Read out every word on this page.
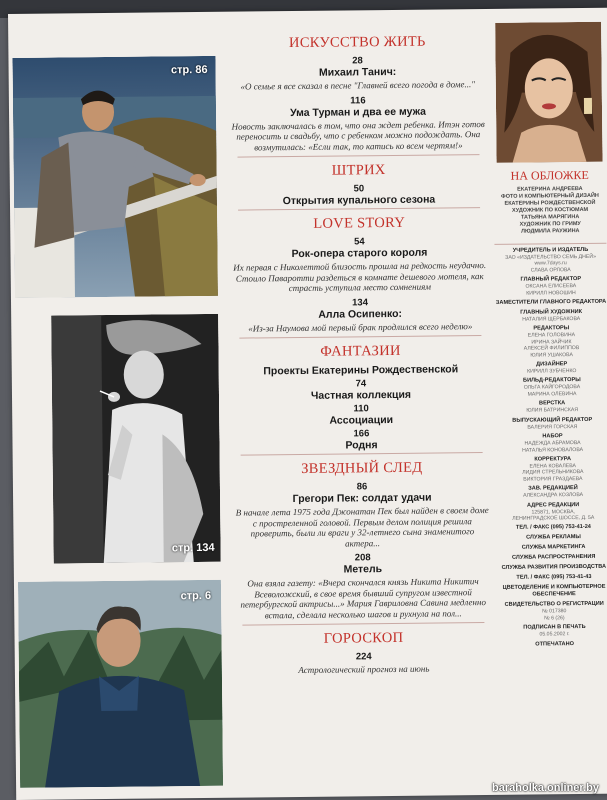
стр. 86
стр. 134
стр. 6
ИСКУССТВО ЖИТЬ
28
Михаил Танич:
«О семье я все сказал в песне "Главней всего погода в доме..."
116
Ума Турман и два ее мужа
Новость заключалась в том, что она ждет ребенка. Итэн готов переносить и свадьбу, что с ребенком можно подождать. Она возмутилась: «Если так, то катись ко всем чертям!»
ШТРИХ
50
Открытия купального сезона
LOVE STORY
54
Рок-опера старого короля
Их первая с Николеттой близость прошла на редкость неудачно. Стоило Паваротти раздеться в комнате дешевого мотеля, как страсть уступила место сомнениям
134
Алла Осипенко:
«Из-за Наумова мой первый брак продлился всего неделю»
ФАНТАЗИИ
Проекты Екатерины Рождественской
74
Частная коллекция
110
Ассоциации
166
Родня
ЗВЕЗДНЫЙ СЛЕД
86
Грегори Пек: солдат удачи
В начале лета 1975 года Джонатан Пек был найден в своем доме с простреленной головой. Первым делом полиция решила проверить, были ли враги у 32-летнего сына знаменитого актера...
208
Метель
Она взяла газету: «Вчера скончался князь Никита Никитич Всеволожский, в свое время бывший супругом известной петербургской актрисы...» Мария Гавриловна Савина медленно встала, сделала несколько шагов и рухнула на пол...
ГОРОСКОП
224
Астрологический прогноз на июнь
НА ОБЛОЖКЕ
ЕКАТЕРИНА АНДРЕЕВА
ФОТО И КОМПЬЮТЕРНЫЙ ДИЗАЙН
ЕКАТЕРИНЫ РОЖДЕСТВЕНСКОЙ
ХУДОЖНИК ПО КОСТЮМАМ
ТАТЬЯНА МАРЯГИНА
ХУДОЖНИК ПО ГРИМУ
ЛЮДМИЛА РАУЖИНА
УЧРЕДИТЕЛЬ И ИЗДАТЕЛЬ
ЗАО «ИЗДАТЕЛЬСТВО СЕМЬ ДНЕЙ»
www.7days.ru
СЛАВА ОРЛОВА
ГЛАВНЫЙ РЕДАКТОР
ОКСАНА ЕЛИСЕЕВА
КИРИЛЛ НОВОШИН
ЗАМЕСТИТЕЛИ ГЛАВНОГО РЕДАКТОРА
ГЛАВНЫЙ ХУДОЖНИК
НАТАЛИЯ ЩЕРБАКОВА
РЕДАКТОРЫ
ЕЛЕНА ГОЛОВИНА
ИРИНА ЗАЙЧИК
АЛЕКСЕЙ ФИЛИППОВ
ЮЛИЯ УШАКОВА
ДИЗАЙНЕР
КИРИЛЛ ЗУБЧЕНКО
БИЛЬД-РЕДАКТОРЫ
ОЛЬГА КАЙГОРОДОВА
МАРИНА ОЛЕВИНА
ВЕРСТКА
ЮЛИЯ БАТРИНСКАЯ
ВЫПУСКАЮЩИЙ РЕДАКТОР
ВАЛЕРИЯ ГОРСКАЯ
НАБОР
НАДЕЖДА АБРАМОВА
НАТАЛЬЯ КОНОВАЛОВА
КОРРЕКТУРА
ЕЛЕНА КОВАЛЕВА
ЛИДИЯ СТРЕЛЬНИКОВА
ВИКТОРИЯ ГРАЗДАЕВА
ЗАВ. РЕДАКЦИЕЙ
АЛЕКСАНДРА КОЗЛОВА
АДРЕС РЕДАКЦИИ
125871, МОСКВА,
ЛЕНИНГРАДСКОЕ ШОССЕ, Д. 5А
ТЕЛ. / ФАКС (095) 753-41-24
СЛУЖБА РЕКЛАМЫ
СЛУЖБА МАРКЕТИНГА
СЛУЖБА РАСПРОСТРАНЕНИЯ
СЛУЖБА РАЗВИТИЯ ПРОИЗВОДСТВА
ТЕЛ. / ФАКС (095) 753-41-43
ЦВЕТОДЕЛЕНИЕ И КОМПЬЮТЕРНОЕ ОБЕСПЕЧЕНИЕ
СВИДЕТЕЛЬСТВО О РЕГИСТРАЦИИ
№ 017380
№ 6 (26)
ПОДПИСАН В ПЕЧАТЬ
05.05.2002 г.
ОТПЕЧАТАНО
baraholka.onliner.by
